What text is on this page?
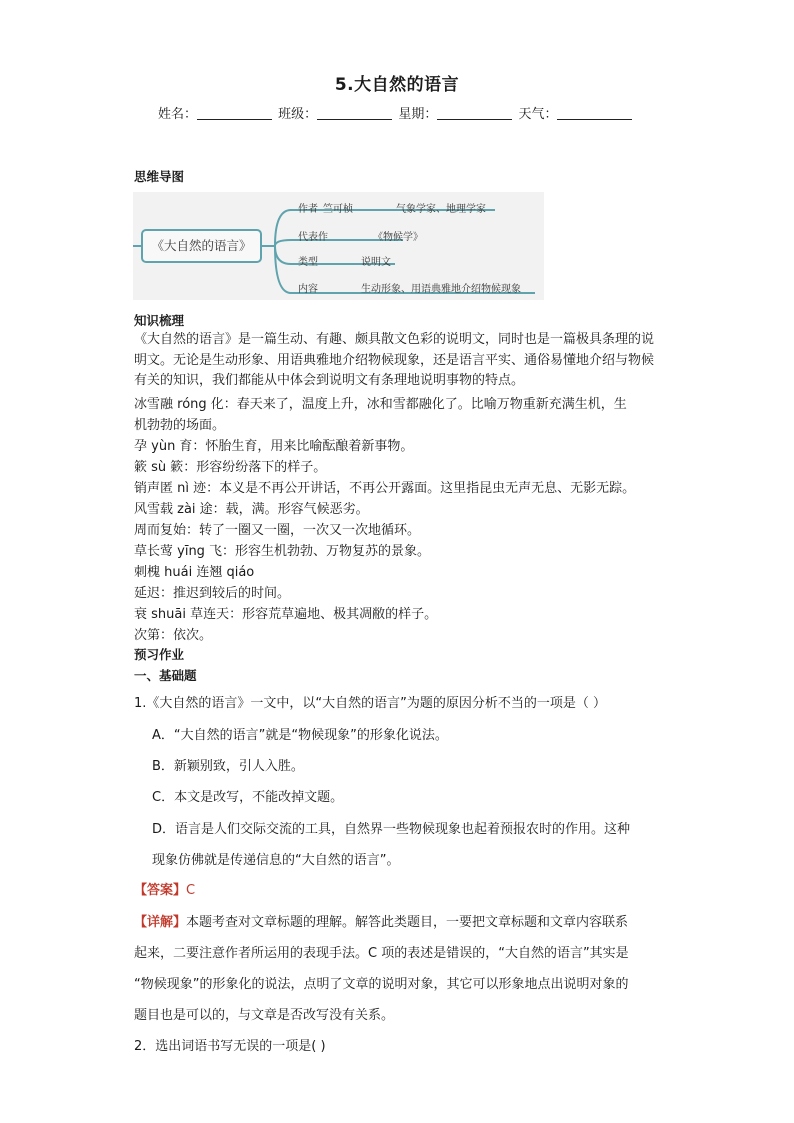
5.大自然的语言
姓名：	班级：	星期：	天气：
思维导图
《大自然的语言》
作者 竺可桢	气象学家、地理学家
代表作	《物候学》
类型	说明文
内容	生动形象、用语典雅地介绍物候现象
知识梳理
《大自然的语言》是一篇生动、有趣、颇具散文色彩的说明文，同时也是一篇极具条理的说明文。无论是生动形象、用语典雅地介绍物候现象，还是语言平实、通俗易懂地介绍与物候有关的知识，我们都能从中体会到说明文有条理地说明事物的特点。
冰雪融 róng 化：春天来了，温度上升，冰和雪都融化了。比喻万物重新充满生机，生
机勃勃的场面。
孕 yùn 育：怀胎生育，用来比喻酝酿着新事物。
簌 sù 簌：形容纷纷落下的样子。
销声匿 nì 迹：本义是不再公开讲话，不再公开露面。这里指昆虫无声无息、无影无踪。
风雪载 zài 途：载，满。形容气候恶劣。
周而复始：转了一圈又一圈，一次又一次地循环。
草长莺 yīng 飞：形容生机勃勃、万物复苏的景象。
刺槐 huái 连翘 qiáo
延迟：推迟到较后的时间。
衰 shuāi 草连天：形容荒草遍地、极其凋敝的样子。
次第：依次。
预习作业
一、基础题
1.《大自然的语言》一文中，以“大自然的语言”为题的原因分析不当的一项是（ ）
A．“大自然的语言”就是“物候现象”的形象化说法。
B．新颖别致，引人入胜。
C．本文是改写，不能改掉文题。
D．语言是人们交际交流的工具，自然界一些物候现象也起着预报农时的作用。这种
现象仿佛就是传递信息的“大自然的语言”。
【答案】C
【详解】本题考查对文章标题的理解。解答此类题目，一要把文章标题和文章内容联系
起来，二要注意作者所运用的表现手法。C 项的表述是错误的，“大自然的语言”其实是
“物候现象”的形象化的说法，点明了文章的说明对象，其它可以形象地点出说明对象的
题目也是可以的，与文章是否改写没有关系。
2．选出词语书写无误的一项是( )
